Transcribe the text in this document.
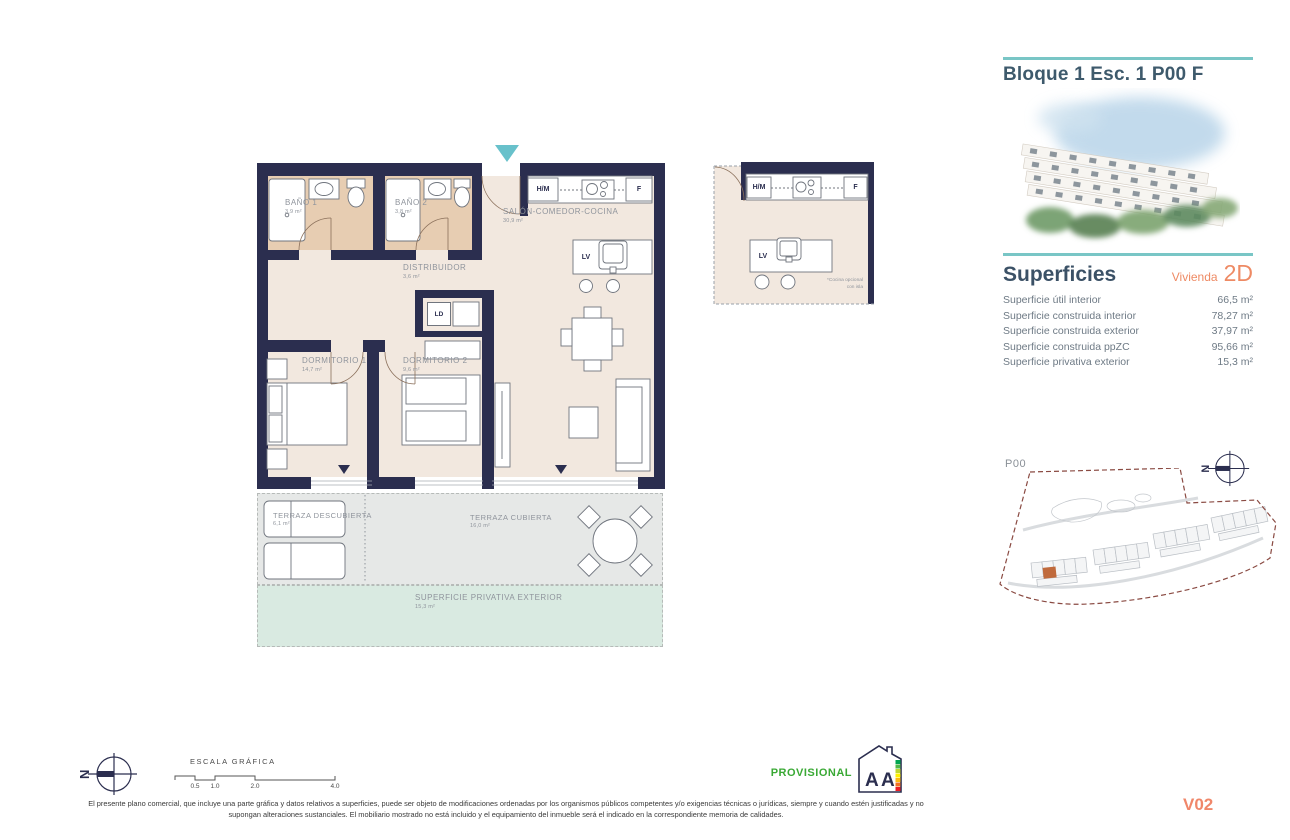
H/M	F
LV
LD
BAÑO 1
3,9 m²
BAÑO 2
3,8 m²	SALÓN-COMEDOR-COCINA
30,9 m²
DISTRIBUIDOR
3,6 m²
DORMITORIO 1
14,7 m²
DORMITORIO 2
9,6 m²
TERRAZA DESCUBIERTA
6,1 m²
TERRAZA CUBIERTA
16,0 m²
SUPERFICIE PRIVATIVA EXTERIOR
15,3 m²
H/M	F
LV
*Cocina opcional
con isla
Bloque 1 Esc. 1 P00 F
Superficies	Vivienda 2D
Superficie útil interior	66,5 m²
Superficie construida interior	78,27 m²
Superficie construida exterior	37,97 m²
Superficie construida ppZC	95,66 m²
Superficie privativa exterior	15,3 m²
P00	N
N
ESCALA GRÁFICA
0.5 1.0	2.0	4.0
PROVISIONAL A A
El presente plano comercial, que incluye una parte gráfica y datos relativos a superficies, puede ser objeto de modificaciones ordenadas por los organismos públicos competentes y/o exigencias técnicas o jurídicas, siempre y cuando estén justificadas y no supongan alteraciones sustanciales. El mobiliario mostrado no está incluido y el equipamiento del inmueble será el indicado en la correspondiente memoria de calidades.
V02
